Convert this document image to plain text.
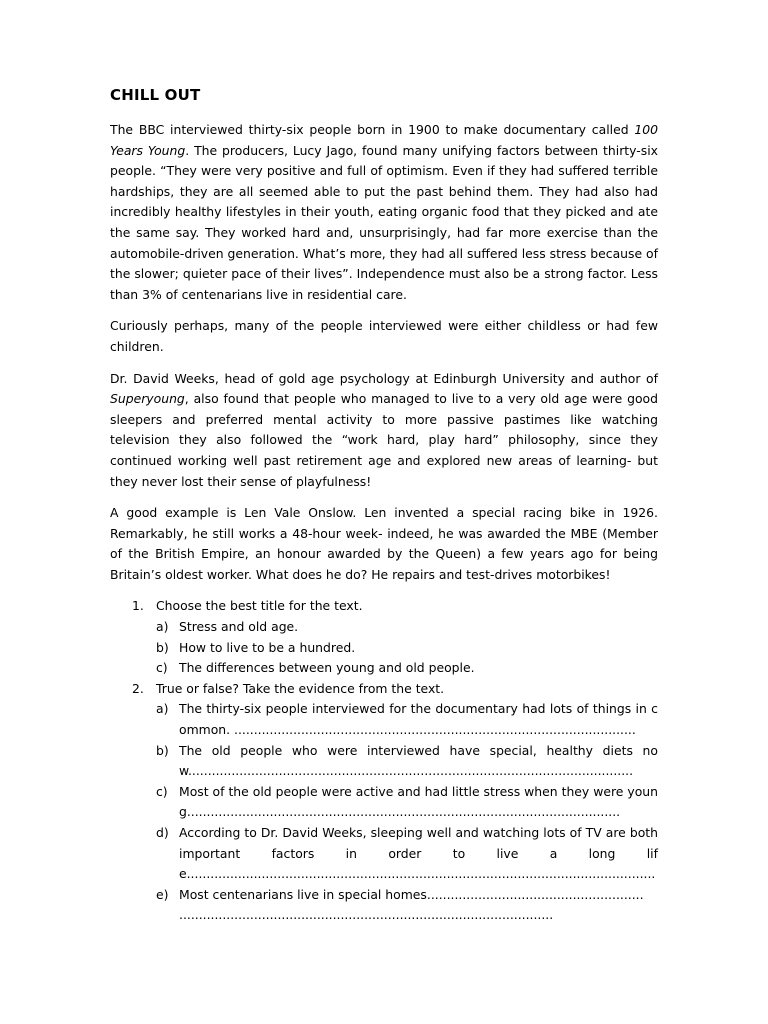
CHILL OUT

The BBC interviewed thirty-six people born in 1900 to make documentary called 100 Years Young. The producers, Lucy Jago, found many unifying factors between thirty-six people. “They were very positive and full of optimism. Even if they had suffered terrible hardships, they are all seemed able to put the past behind them. They had also had incredibly healthy lifestyles in their youth, eating organic food that they picked and ate the same say. They worked hard and, unsurprisingly, had far more exercise than the automobile-driven generation. What’s more, they had all suffered less stress because of the slower; quieter pace of their lives”. Independence must also be a strong factor. Less than 3% of centenarians live in residential care.

Curiously perhaps, many of the people interviewed were either childless or had few children.

Dr. David Weeks, head of gold age psychology at Edinburgh University and author of Superyoung, also found that people who managed to live to a very old age were good sleepers and preferred mental activity to more passive pastimes like watching television they also followed the “work hard, play hard” philosophy, since they continued working well past retirement age and explored new areas of learning- but they never lost their sense of playfulness!

A good example is Len Vale Onslow. Len invented a special racing bike in 1926. Remarkably, he still works a 48-hour week- indeed, he was awarded the MBE (Member of the British Empire, an honour awarded by the Queen) a few years ago for being Britain’s oldest worker. What does he do? He repairs and test-drives motorbikes!

1. Choose the best title for the text.
a) Stress and old age.
b) How to live to be a hundred.
c) The differences between young and old people.
2. True or false? Take the evidence from the text.
a) The thirty-six people interviewed for the documentary had lots of things in common. ......................................................................................................
b) The old people who were interviewed have special, healthy diets now.................................................................................................................
c) Most of the old people were active and had little stress when they were young..............................................................................................................
d) According to Dr. David Weeks, sleeping well and watching lots of TV are both important factors in order to live a long life.......................................................................................................................
e) Most centenarians live in special homes.......................................................
...............................................................................................
